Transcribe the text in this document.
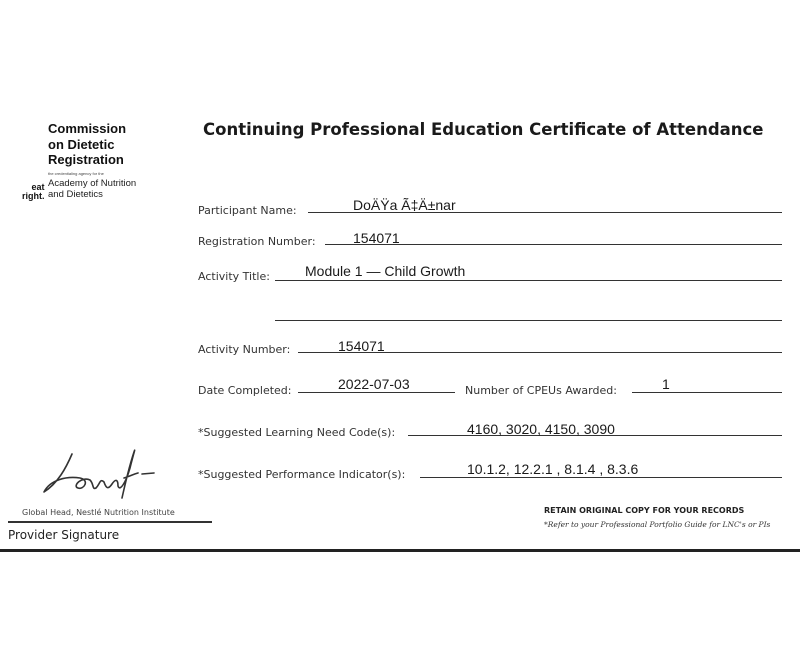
Commission
on Dietetic
Registration
the credentialing agency for the
eat
right.
Academy of Nutrition
and Dietetics
Continuing Professional Education Certificate of Attendance
Participant Name:	DoÄŸa Ã‡Ä±nar
Registration Number:	154071
Activity Title:	Module 1 — Child Growth
Activity Number:	154071
Date Completed:	2022-07-03	Number of CPEUs Awarded:	1
*Suggested Learning Need Code(s):	4160, 3020, 4150, 3090
*Suggested Performance Indicator(s):	10.1.2, 12.2.1 , 8.1.4 , 8.3.6
Global Head, Nestlé Nutrition Institute
Provider Signature
RETAIN ORIGINAL COPY FOR YOUR RECORDS
*Refer to your Professional Portfolio Guide for LNC's or PIs
